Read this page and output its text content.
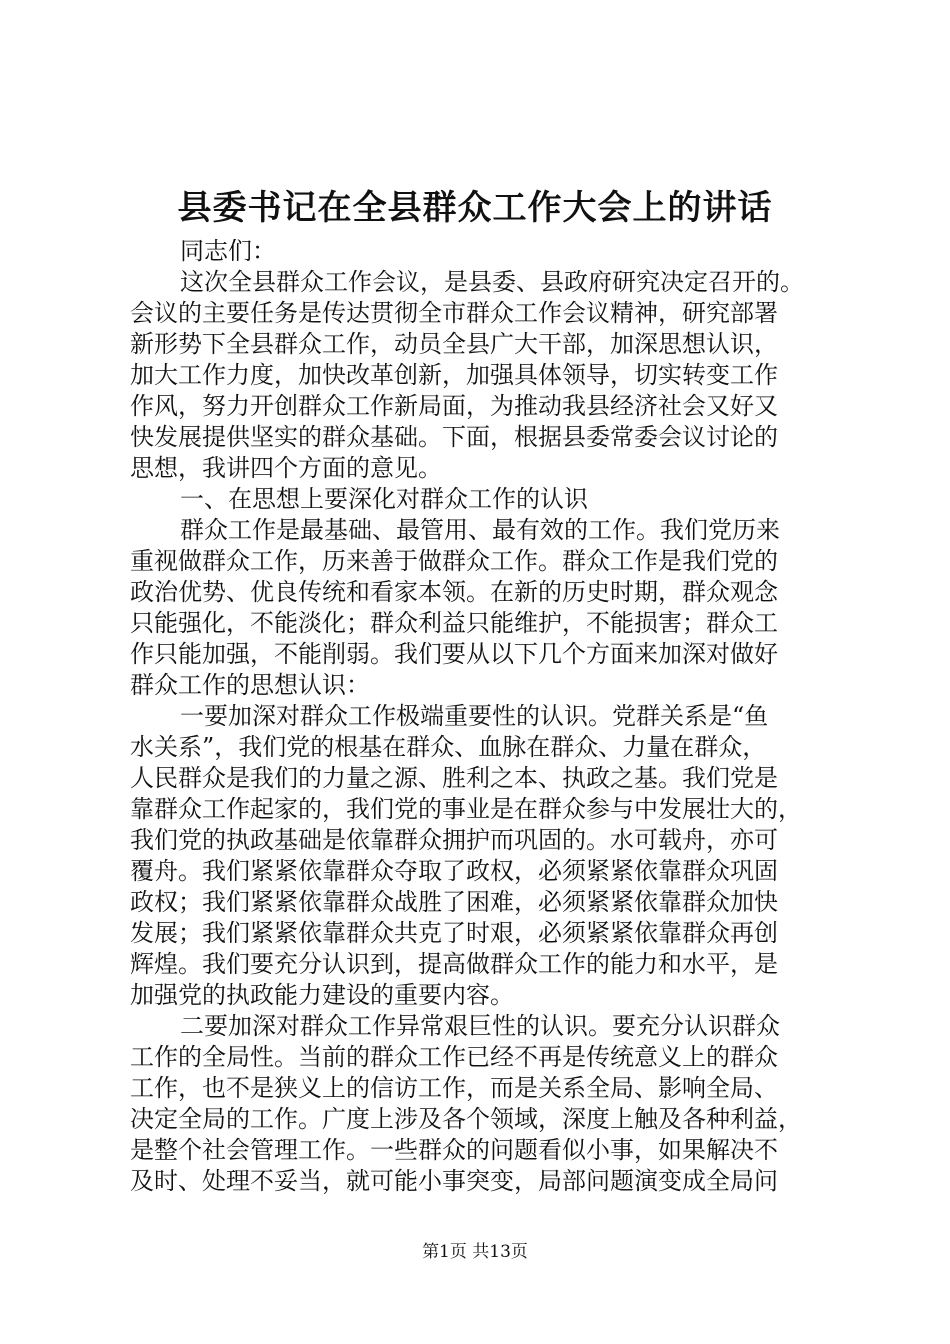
县委书记在全县群众工作大会上的讲话
同志们：
这次全县群众工作会议，是县委、县政府研究决定召开的。
会议的主要任务是传达贯彻全市群众工作会议精神，研究部署
新形势下全县群众工作，动员全县广大干部，加深思想认识，
加大工作力度，加快改革创新，加强具体领导，切实转变工作
作风，努力开创群众工作新局面，为推动我县经济社会又好又
快发展提供坚实的群众基础。下面，根据县委常委会议讨论的
思想，我讲四个方面的意见。
一、在思想上要深化对群众工作的认识
群众工作是最基础、最管用、最有效的工作。我们党历来
重视做群众工作，历来善于做群众工作。群众工作是我们党的
政治优势、优良传统和看家本领。在新的历史时期，群众观念
只能强化，不能淡化；群众利益只能维护，不能损害；群众工
作只能加强，不能削弱。我们要从以下几个方面来加深对做好
群众工作的思想认识：
一要加深对群众工作极端重要性的认识。党群关系是“鱼
水关系”，我们党的根基在群众、血脉在群众、力量在群众，
人民群众是我们的力量之源、胜利之本、执政之基。我们党是
靠群众工作起家的，我们党的事业是在群众参与中发展壮大的，
我们党的执政基础是依靠群众拥护而巩固的。水可载舟，亦可
覆舟。我们紧紧依靠群众夺取了政权，必须紧紧依靠群众巩固
政权；我们紧紧依靠群众战胜了困难，必须紧紧依靠群众加快
发展；我们紧紧依靠群众共克了时艰，必须紧紧依靠群众再创
辉煌。我们要充分认识到，提高做群众工作的能力和水平，是
加强党的执政能力建设的重要内容。
二要加深对群众工作异常艰巨性的认识。要充分认识群众
工作的全局性。当前的群众工作已经不再是传统意义上的群众
工作，也不是狭义上的信访工作，而是关系全局、影响全局、
决定全局的工作。广度上涉及各个领域，深度上触及各种利益，
是整个社会管理工作。一些群众的问题看似小事，如果解决不
及时、处理不妥当，就可能小事突变，局部问题演变成全局问
第1页 共13页
